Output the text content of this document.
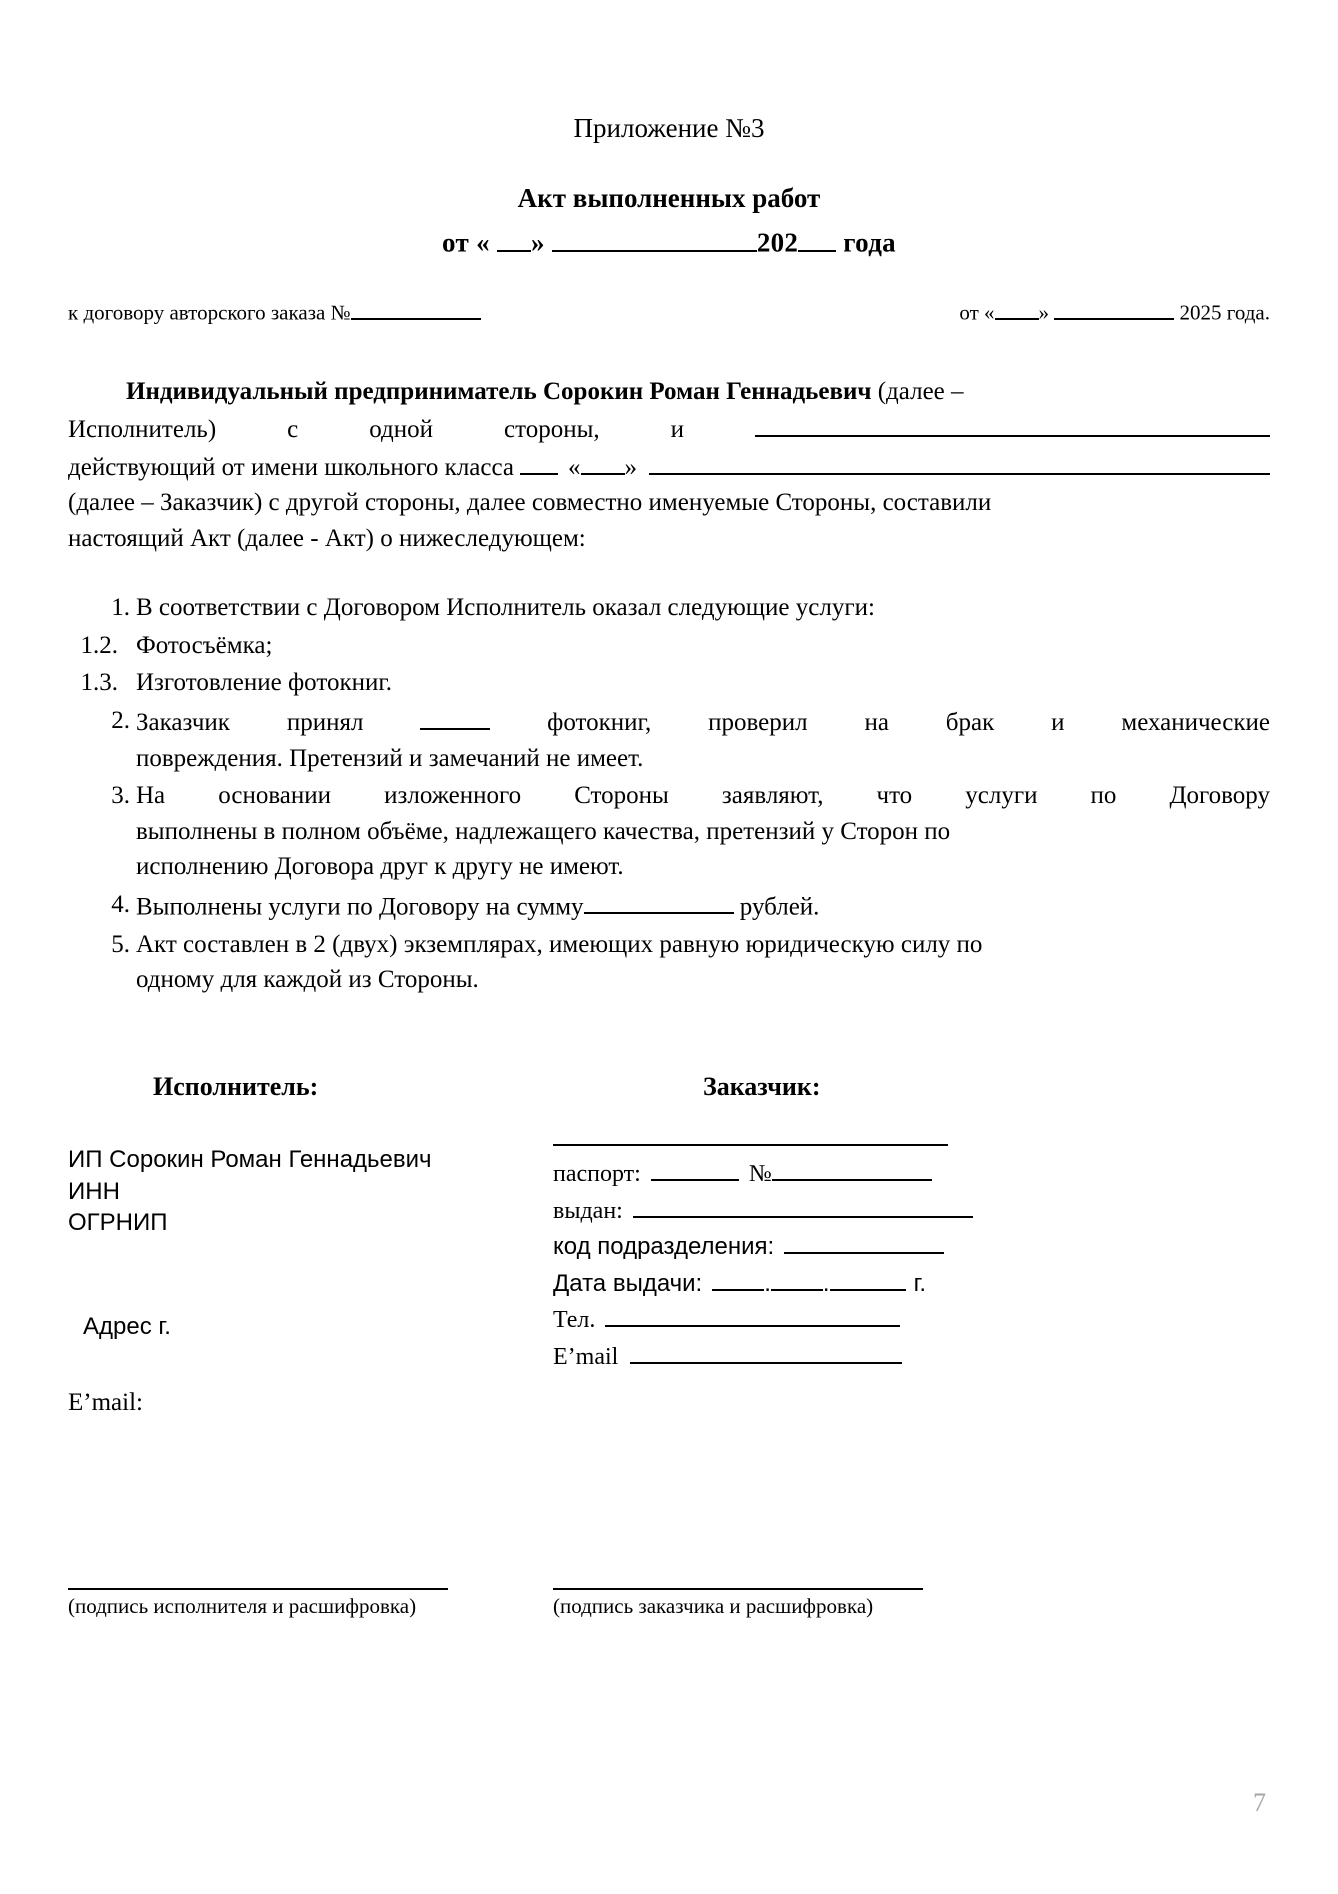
Приложение №3
Акт выполненных работ
от « »	202 года
к договору авторского заказа №	от « »	2025 года.
Индивидуальный предприниматель Сорокин Роман Геннадьевич (далее –
Исполнитель)	с	одной	стороны,	и
действующий от имени школьного класса « »
(далее – Заказчик) с другой стороны, далее совместно именуемые Стороны, составили
настоящий Акт (далее - Акт) о нижеследующем:
1. В соответствии с Договором Исполнитель оказал следующие услуги:
1.2. Фотосъёмка;
1.3. Изготовление фотокниг.
2. Заказчик принял	фотокниг, проверил на брак и механические
повреждения. Претензий и замечаний не имеет.
3. На основании изложенного Стороны заявляют, что услуги по Договору
выполнены в полном объёме, надлежащего качества, претензий у Сторон по
исполнению Договора друг к другу не имеют.
4. Выполнены услуги по Договору на сумму	рублей.
5. Акт составлен в 2 (двух) экземплярах, имеющих равную юридическую силу по
одному для каждой из Стороны.
Исполнитель:	Заказчик:
ИП Сорокин Роман Геннадьевич
ИНН
ОГРНИП
Адрес г.
E’mail:
паспорт:	№
выдан:
код подразделения:
Дата выдачи:	. .	г.
Тел.
E’mail
(подпись исполнителя и расшифровка)	(подпись заказчика и расшифровка)
7
